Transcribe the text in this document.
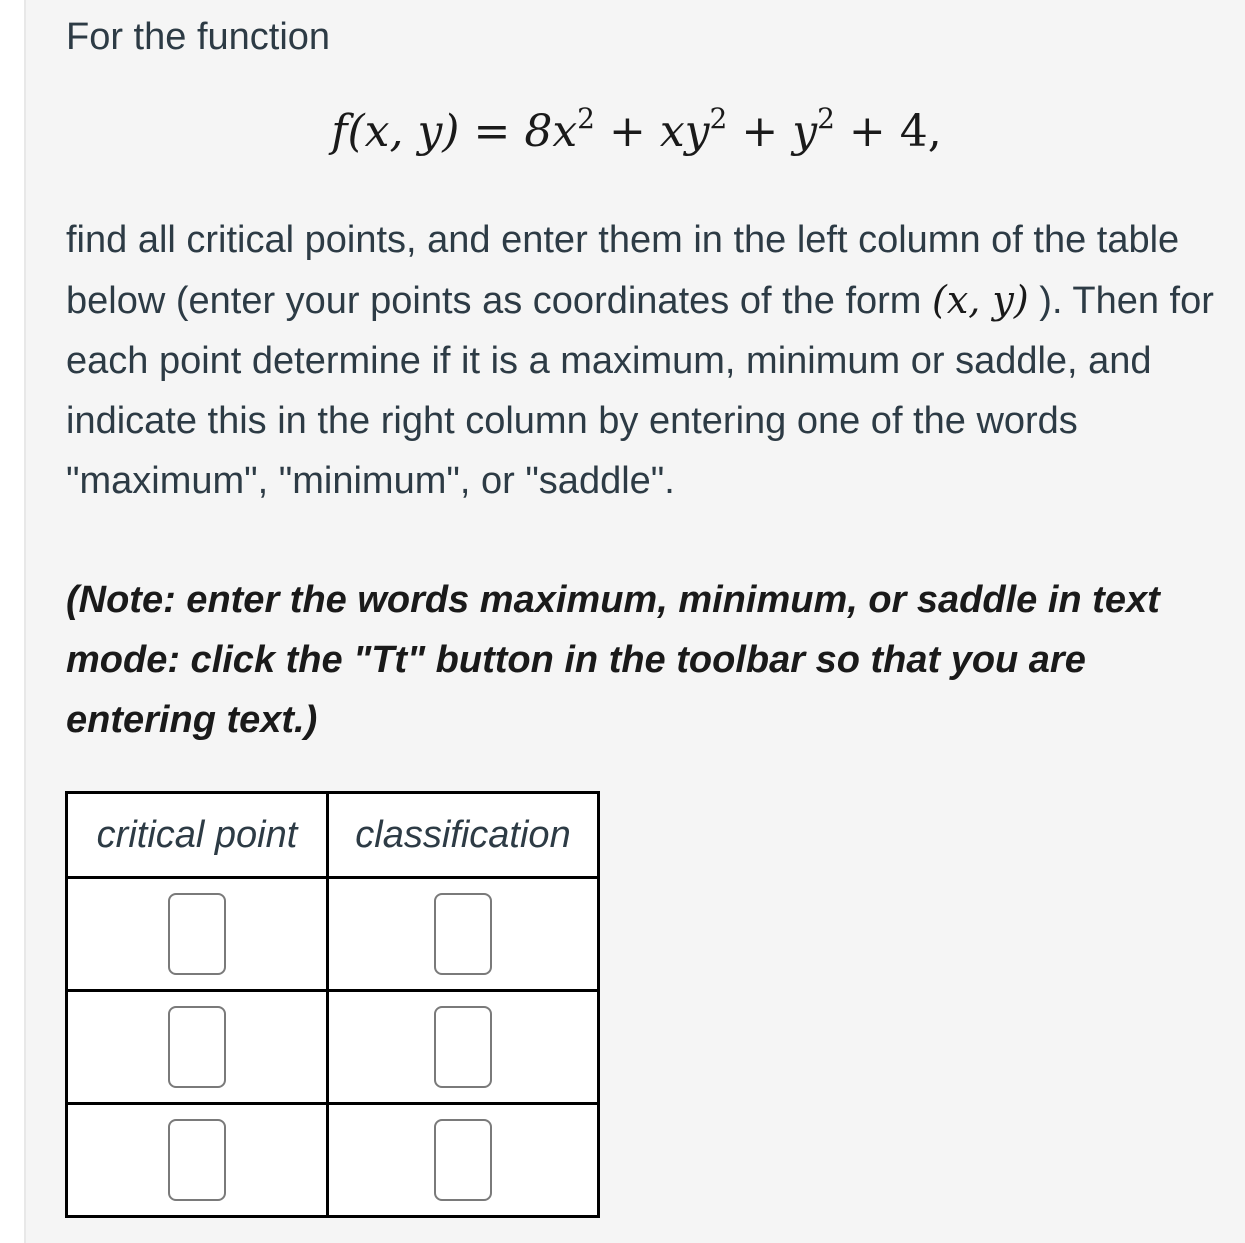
For the function

f(x, $y) = 8x^2 + xy^2 + y^2 + 4$,

find all critical points, and enter them in the left column of the table below (enter your points as coordinates of the form (x, y) ). Then for each point determine if it is a maximum, minimum or saddle, and indicate this in the right column by entering one of the words "maximum", "minimum", or "saddle".

(Note: enter the words maximum, minimum, or saddle in text mode: click the "Tt" button in the toolbar so that you are entering text.)

critical point	classification
